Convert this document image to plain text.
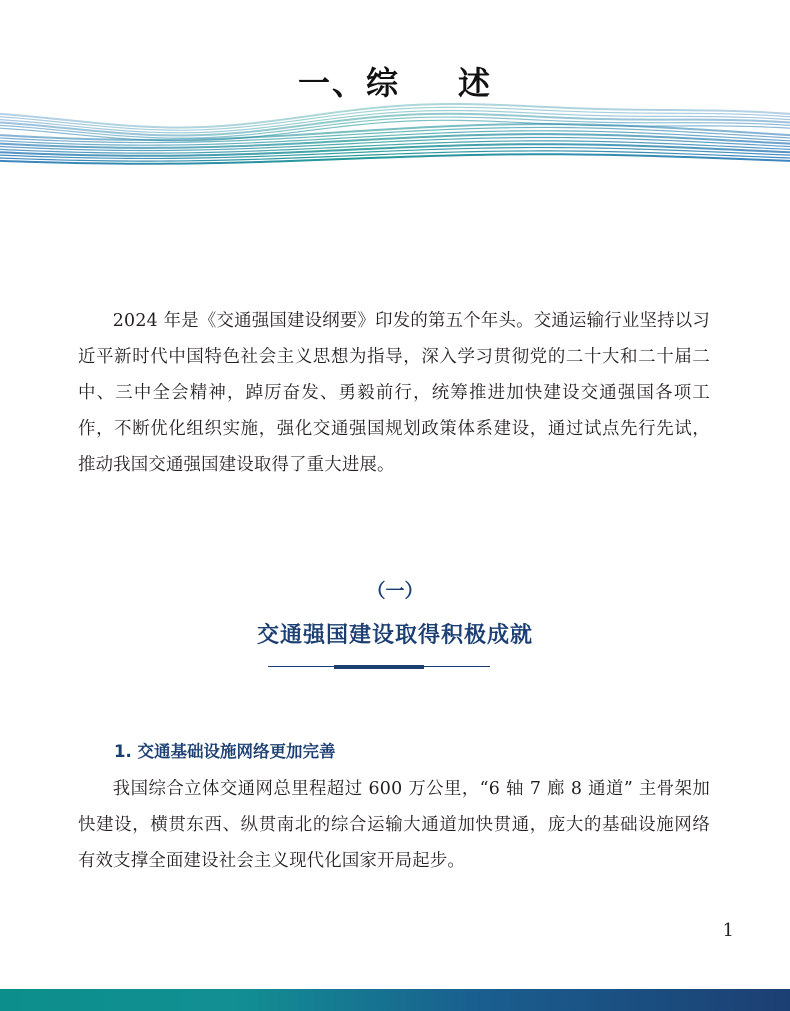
一、综 述

2024 年是《交通强国建设纲要》印发的第五个年头。交通运输行业坚持以习近平新时代中国特色社会主义思想为指导，深入学习贯彻党的二十大和二十届二中、三中全会精神，踔厉奋发、勇毅前行，统筹推进加快建设交通强国各项工作，不断优化组织实施，强化交通强国规划政策体系建设，通过试点先行先试，推动我国交通强国建设取得了重大进展。

（一）
交通强国建设取得积极成就
1. 交通基础设施网络更加完善

我国综合立体交通网总里程超过 600 万公里，“6 轴 7 廊 8 通道” 主骨架加快建设，横贯东西、纵贯南北的综合运输大通道加快贯通，庞大的基础设施网络有效支撑全面建设社会主义现代化国家开局起步。

1
